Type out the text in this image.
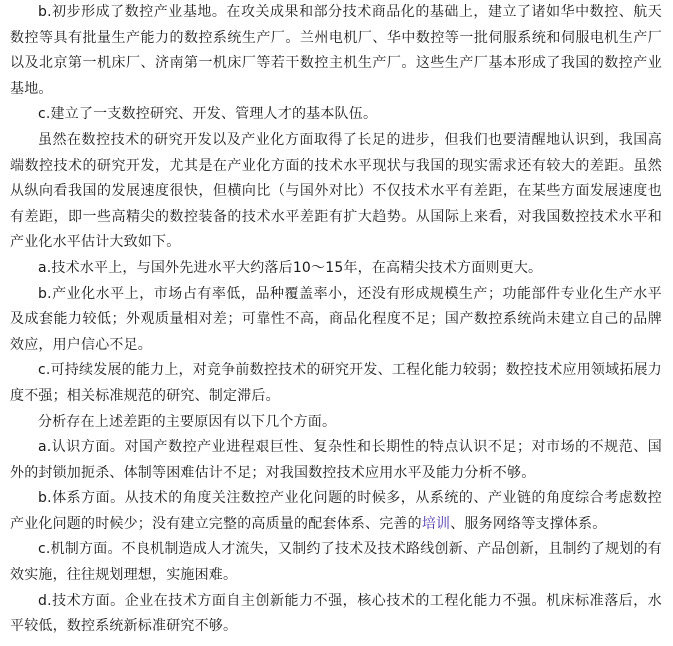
b.初步形成了数控产业基地。在攻关成果和部分技术商品化的基础上，建立了诸如华中数控、航天数控等具有批量生产能力的数控系统生产厂。兰州电机厂、华中数控等一批伺服系统和伺服电机生产厂以及北京第一机床厂、济南第一机床厂等若干数控主机生产厂。这些生产厂基本形成了我国的数控产业基地。

c.建立了一支数控研究、开发、管理人才的基本队伍。

虽然在数控技术的研究开发以及产业化方面取得了长足的进步，但我们也要清醒地认识到，我国高端数控技术的研究开发，尤其是在产业化方面的技术水平现状与我国的现实需求还有较大的差距。虽然从纵向看我国的发展速度很快，但横向比（与国外对比）不仅技术水平有差距，在某些方面发展速度也有差距，即一些高精尖的数控装备的技术水平差距有扩大趋势。从国际上来看，对我国数控技术水平和产业化水平估计大致如下。

a.技术水平上，与国外先进水平大约落后10～15年，在高精尖技术方面则更大。

b.产业化水平上，市场占有率低，品种覆盖率小，还没有形成规模生产；功能部件专业化生产水平及成套能力较低；外观质量相对差；可靠性不高，商品化程度不足；国产数控系统尚未建立自己的品牌效应，用户信心不足。

c.可持续发展的能力上，对竞争前数控技术的研究开发、工程化能力较弱；数控技术应用领域拓展力度不强；相关标准规范的研究、制定滞后。

分析存在上述差距的主要原因有以下几个方面。

a.认识方面。对国产数控产业进程艰巨性、复杂性和长期性的特点认识不足；对市场的不规范、国外的封锁加扼杀、体制等困难估计不足；对我国数控技术应用水平及能力分析不够。

b.体系方面。从技术的角度关注数控产业化问题的时候多，从系统的、产业链的角度综合考虑数控产业化问题的时候少；没有建立完整的高质量的配套体系、完善的培训、服务网络等支撑体系。

c.机制方面。不良机制造成人才流失，又制约了技术及技术路线创新、产品创新，且制约了规划的有效实施，往往规划理想，实施困难。

d.技术方面。企业在技术方面自主创新能力不强，核心技术的工程化能力不强。机床标准落后，水平较低，数控系统新标准研究不够。
